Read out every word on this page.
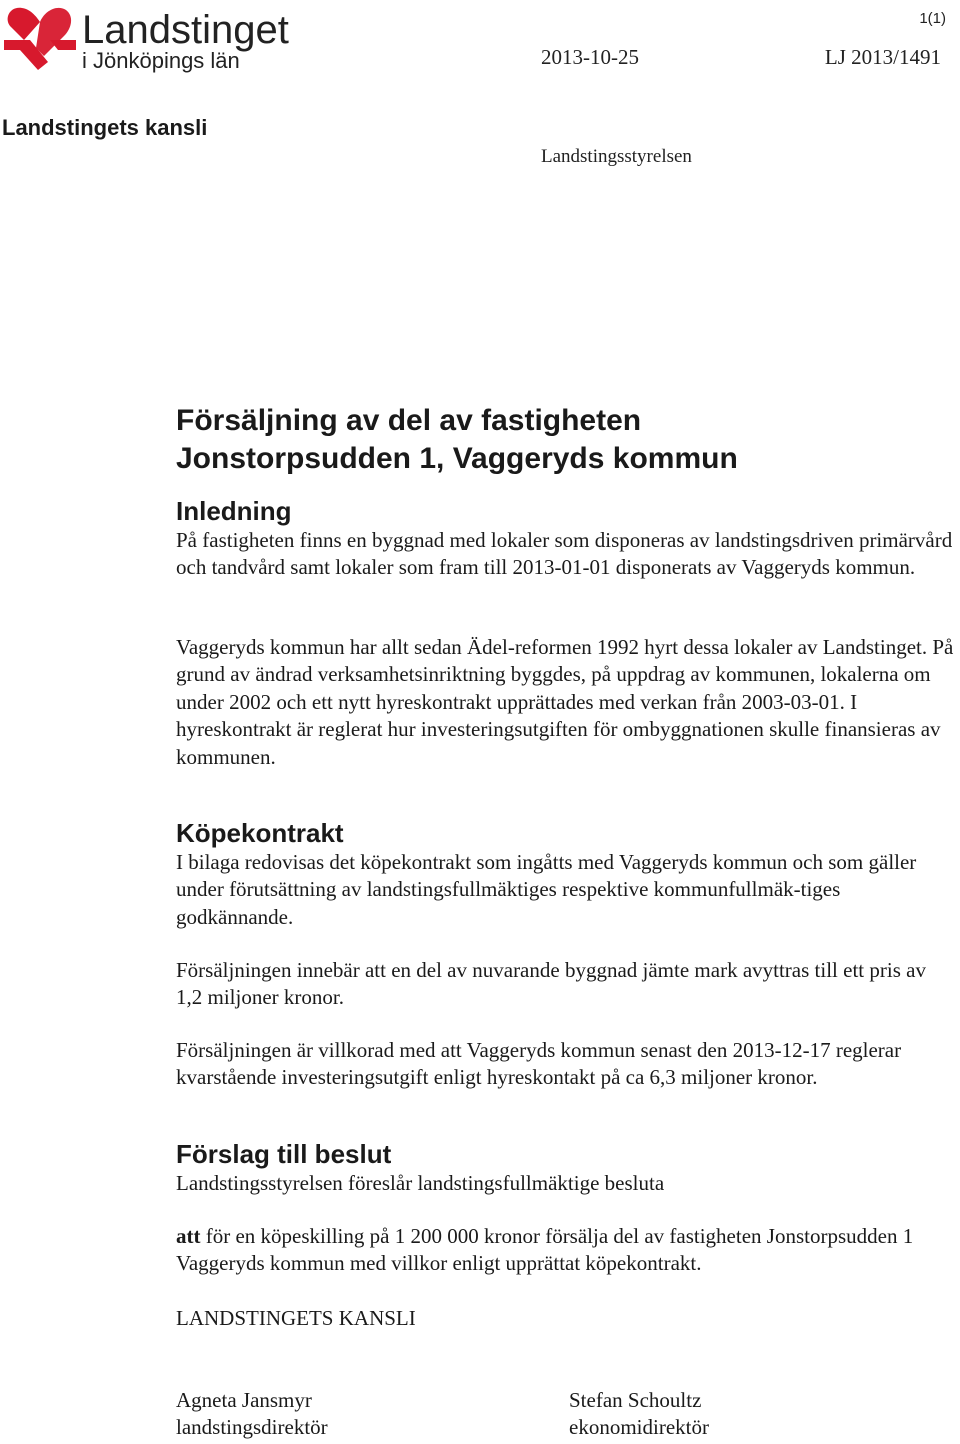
Landstinget
i Jönköpings län
1(1)
2013-10-25	LJ 2013/1491
Landstingets kansli
Landstingsstyrelsen
Försäljning av del av fastigheten
Jonstorpsudden 1, Vaggeryds kommun
Inledning

På fastigheten finns en byggnad med lokaler som disponeras av landstingsdriven primärvård och tandvård samt lokaler som fram till 2013-01-01 disponerats av Vaggeryds kommun.

Vaggeryds kommun har allt sedan Ädel-reformen 1992 hyrt dessa lokaler av Landstinget. På grund av ändrad verksamhetsinriktning byggdes, på uppdrag av kommunen, lokalerna om under 2002 och ett nytt hyreskontrakt upprättades med verkan från 2003-03-01. I hyreskontrakt är reglerat hur investeringsutgiften för ombyggnationen skulle finansieras av kommunen.

Köpekontrakt

I bilaga redovisas det köpekontrakt som ingåtts med Vaggeryds kommun och som gäller under förutsättning av landstingsfullmäktiges respektive kommunfullmäk-tiges godkännande.

Försäljningen innebär att en del av nuvarande byggnad jämte mark avyttras till ett pris av 1,2 miljoner kronor.

Försäljningen är villkorad med att Vaggeryds kommun senast den 2013-12-17 reglerar kvarstående investeringsutgift enligt hyreskontakt på ca 6,3 miljoner kronor.

Förslag till beslut

Landstingsstyrelsen föreslår landstingsfullmäktige besluta

att för en köpeskilling på 1 200 000 kronor försälja del av fastigheten Jonstorpsudden 1 Vaggeryds kommun med villkor enligt upprättat köpekontrakt.

LANDSTINGETS KANSLI

Agneta Jansmyr
landstingsdirektör
Stefan Schoultz
ekonomidirektör
